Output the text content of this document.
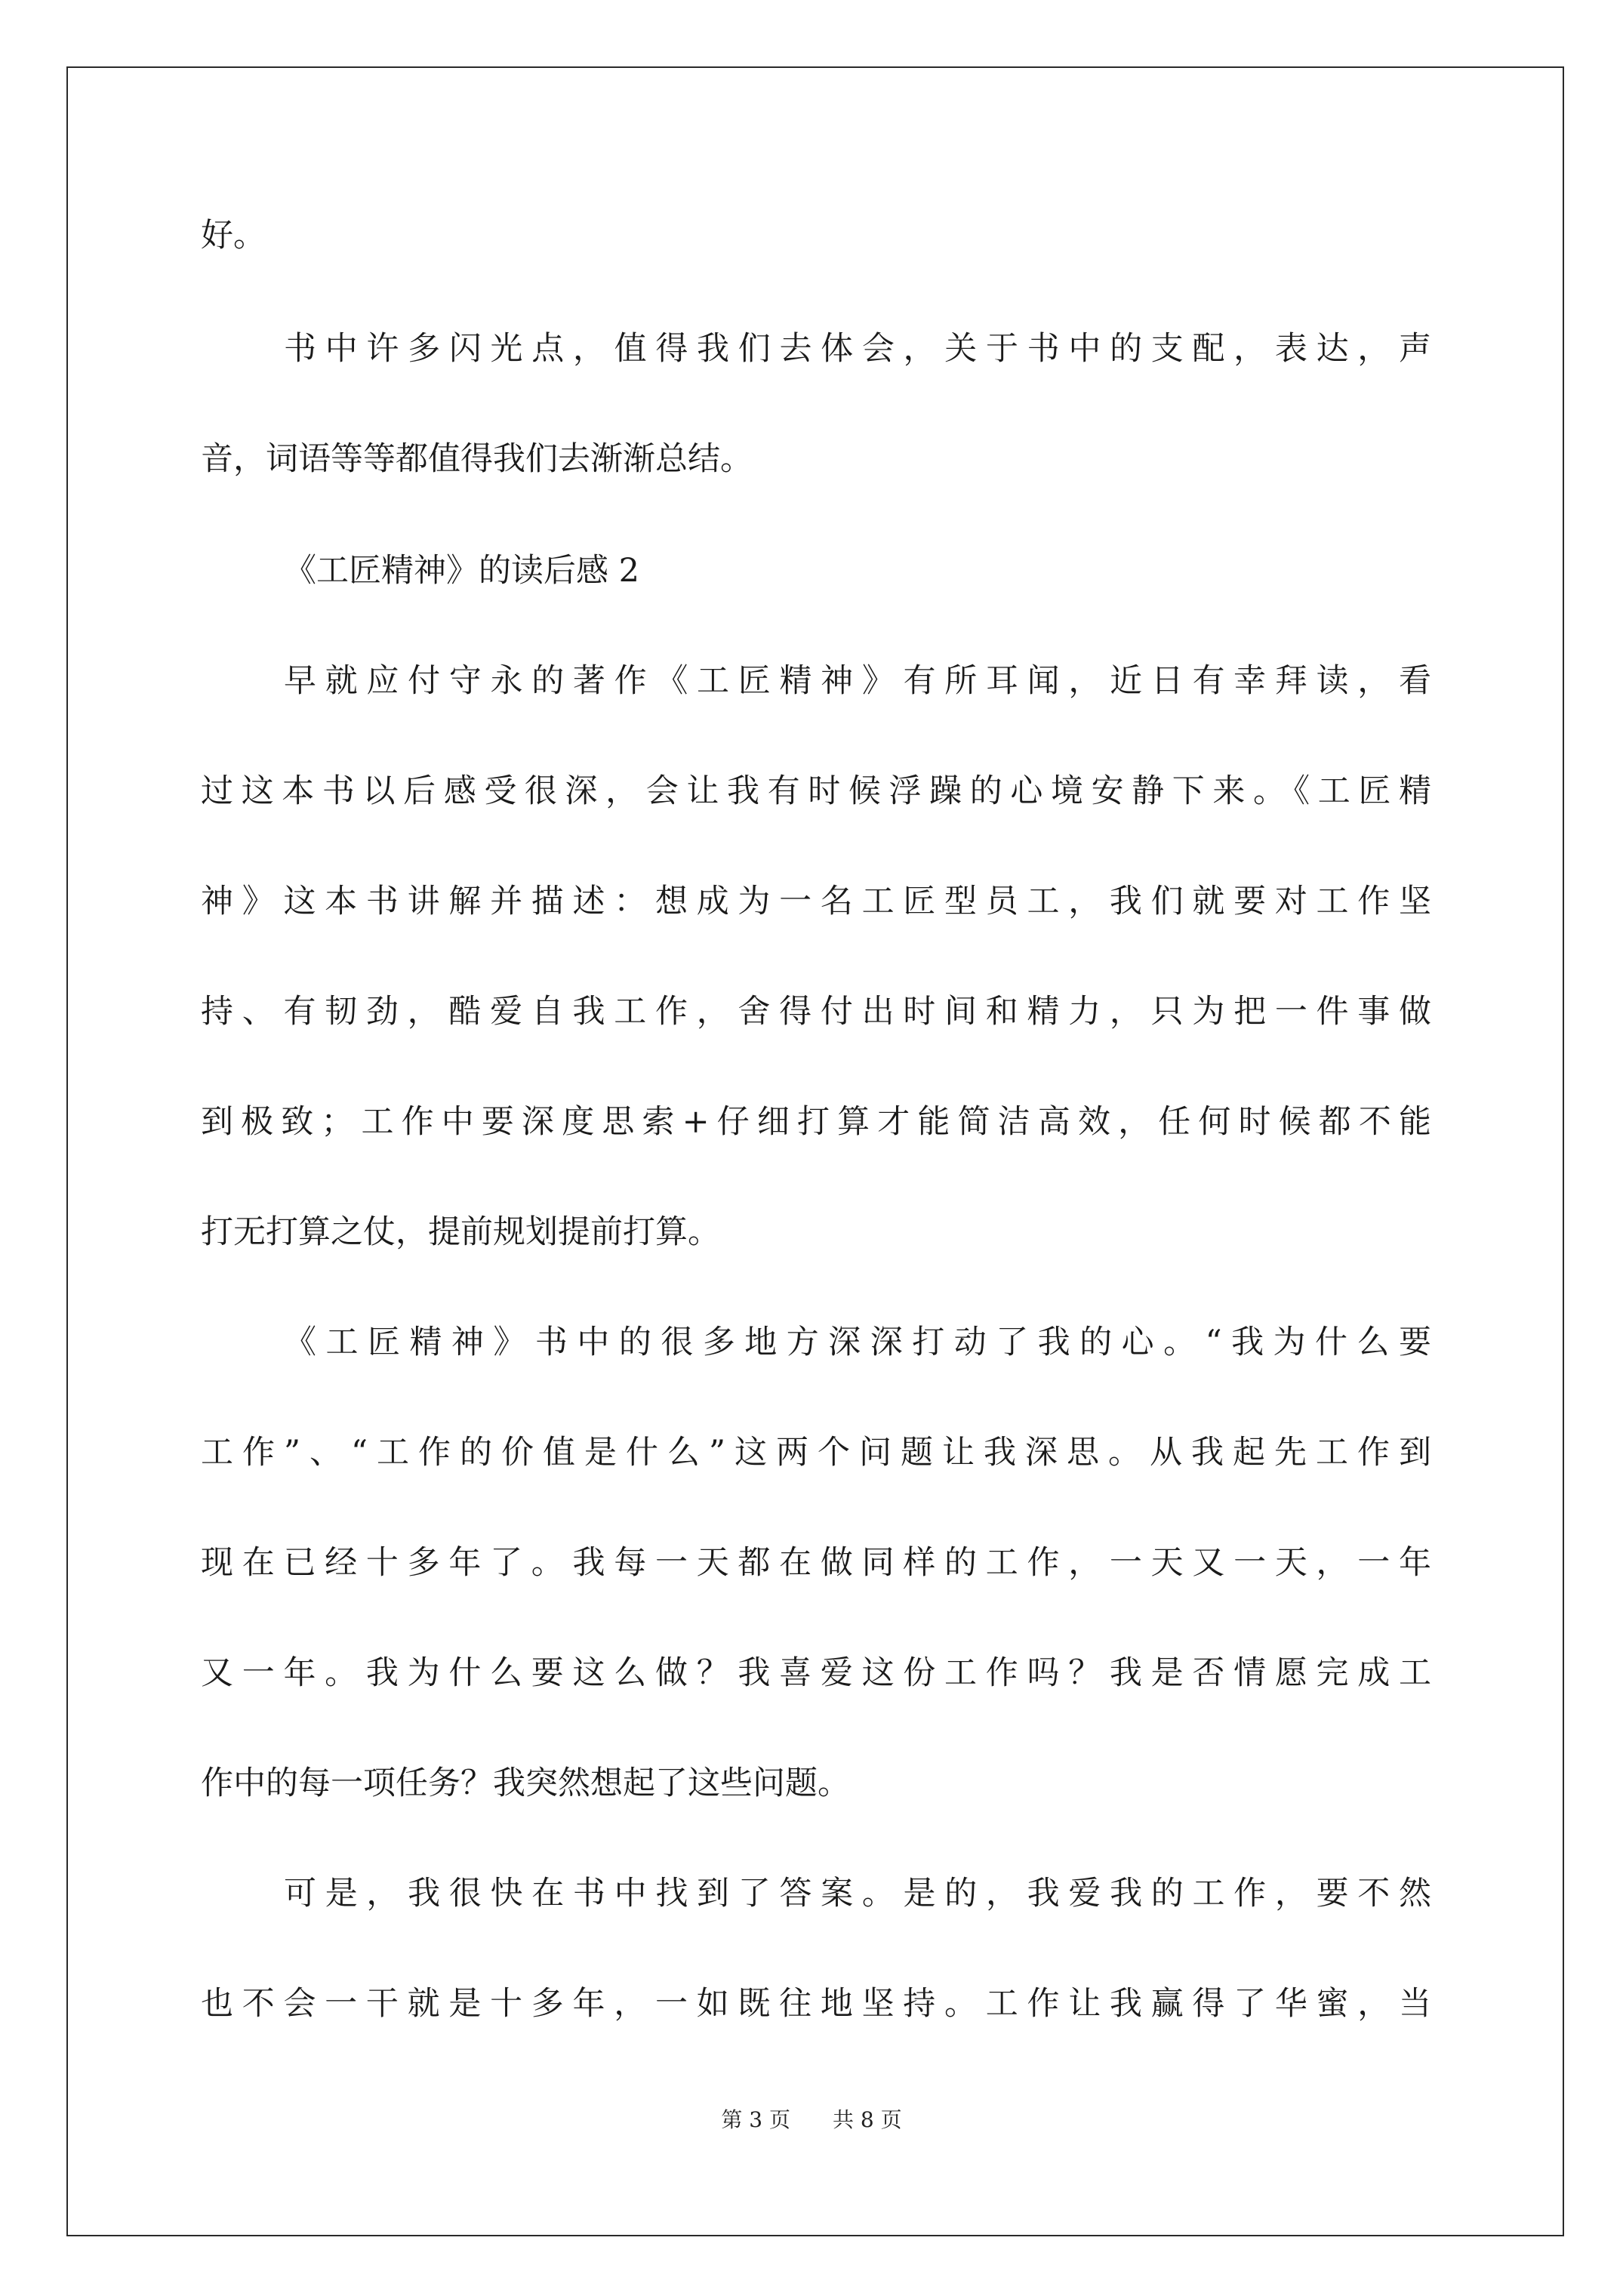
好。
书中许多闪光点，值得我们去体会，关于书中的支配，表达，声
音，词语等等都值得我们去渐渐总结。
《工匠精神》的读后感 2
早就应付守永的著作《工匠精神》有所耳闻，近日有幸拜读，看
过这本书以后感受很深，会让我有时候浮躁的心境安静下来。《工匠精
神》这本书讲解并描述：想成为一名工匠型员工，我们就要对工作坚
持、有韧劲，酷爱自我工作，舍得付出时间和精力，只为把一件事做
到极致；工作中要深度思索+仔细打算才能简洁高效，任何时候都不能
打无打算之仗，提前规划提前打算。
《工匠精神》书中的很多地方深深打动了我的心。“我为什么要
工作”、“工作的价值是什么”这两个问题让我深思。从我起先工作到
现在已经十多年了。我每一天都在做同样的工作，一天又一天，一年
又一年。我为什么要这么做？我喜爱这份工作吗？我是否情愿完成工
作中的每一项任务？我突然想起了这些问题。
可是，我很快在书中找到了答案。是的，我爱我的工作，要不然
也不会一干就是十多年，一如既往地坚持。工作让我赢得了华蜜，当
第 3 页 共 8 页
